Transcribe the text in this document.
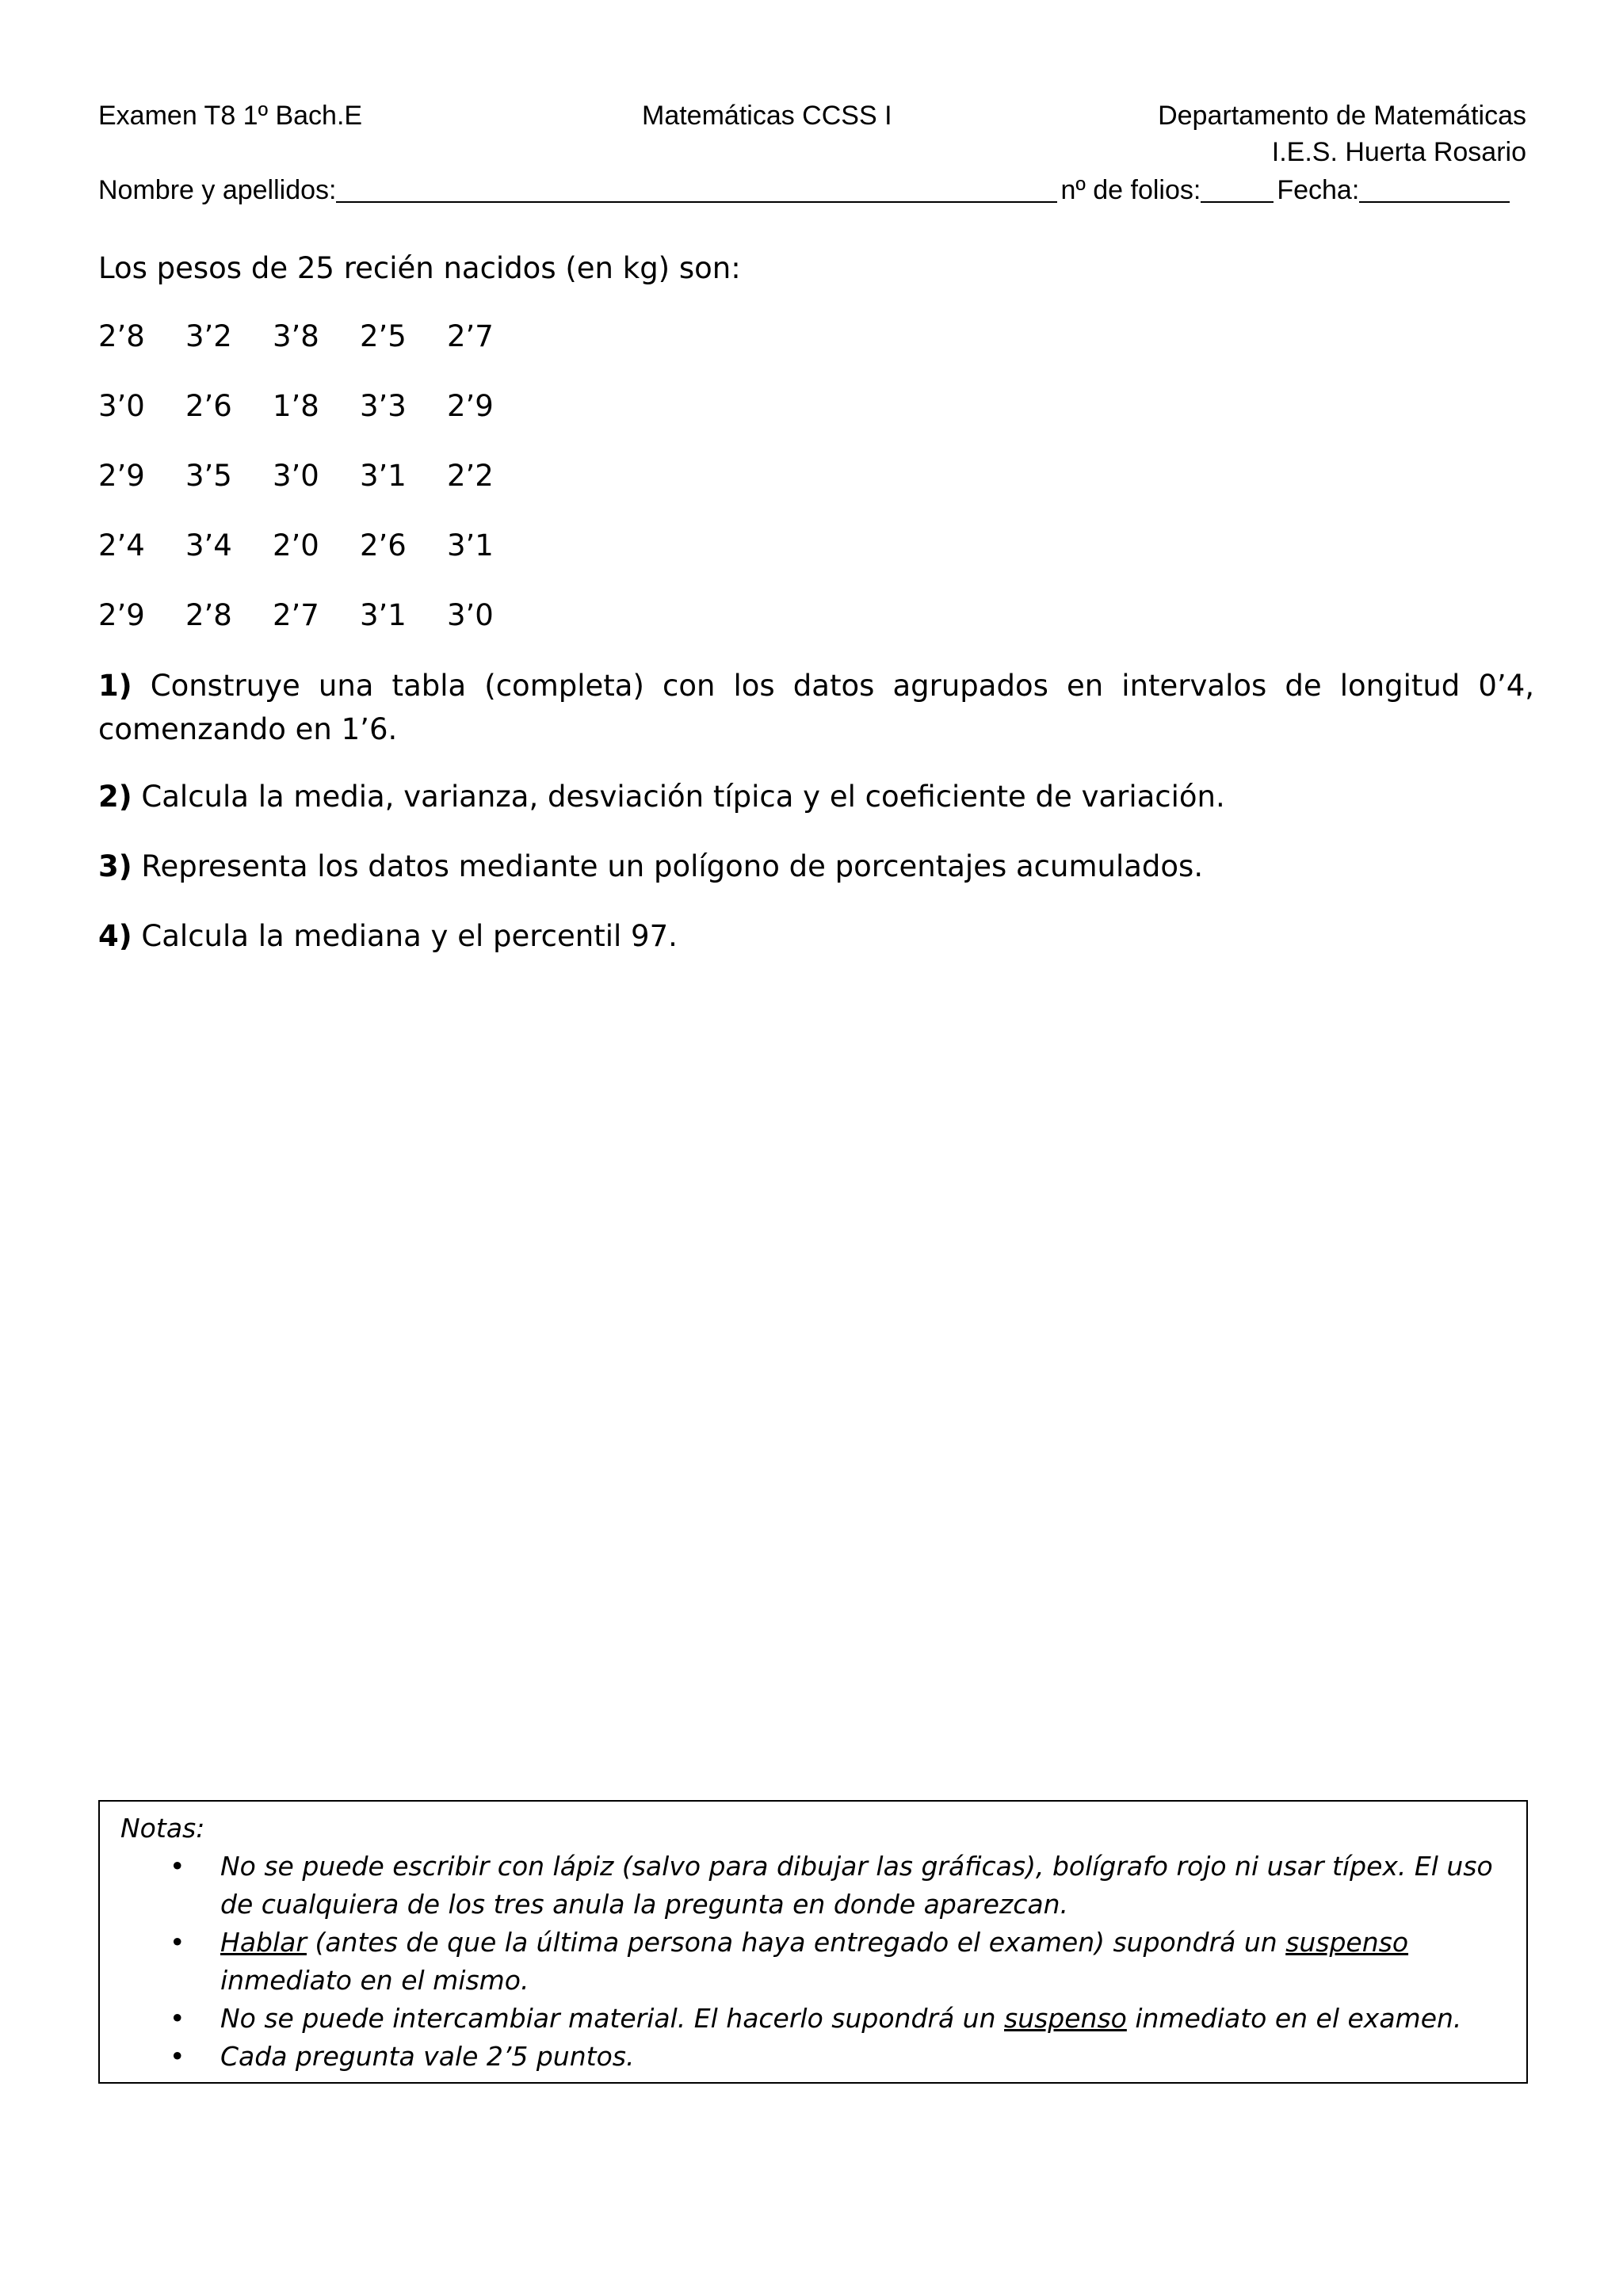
Examen T8 1º Bach.E	Matemáticas CCSS I	Departamento de Matemáticas
I.E.S. Huerta Rosario
Nombre y apellidos:	nº de folios:	Fecha:
Los pesos de 25 recién nacidos (en kg) son:
2’8	3’2	3’8	2’5	2’7
3’0	2’6	1’8	3’3	2’9
2’9	3’5	3’0	3’1	2’2
2’4	3’4	2’0	2’6	3’1
2’9	2’8	2’7	3’1	3’0
1) Construye una tabla (completa) con los datos agrupados en intervalos de longitud 0’4, comenzando en 1’6.
2) Calcula la media, varianza, desviación típica y el coeficiente de variación.
3) Representa los datos mediante un polígono de porcentajes acumulados.
4) Calcula la mediana y el percentil 97.
Notas:
• No se puede escribir con lápiz (salvo para dibujar las gráficas), bolígrafo rojo ni usar típex. El uso de cualquiera de los tres anula la pregunta en donde aparezcan.
• Hablar (antes de que la última persona haya entregado el examen) supondrá un suspenso inmediato en el mismo.
• No se puede intercambiar material. El hacerlo supondrá un suspenso inmediato en el examen.
• Cada pregunta vale 2’5 puntos.
